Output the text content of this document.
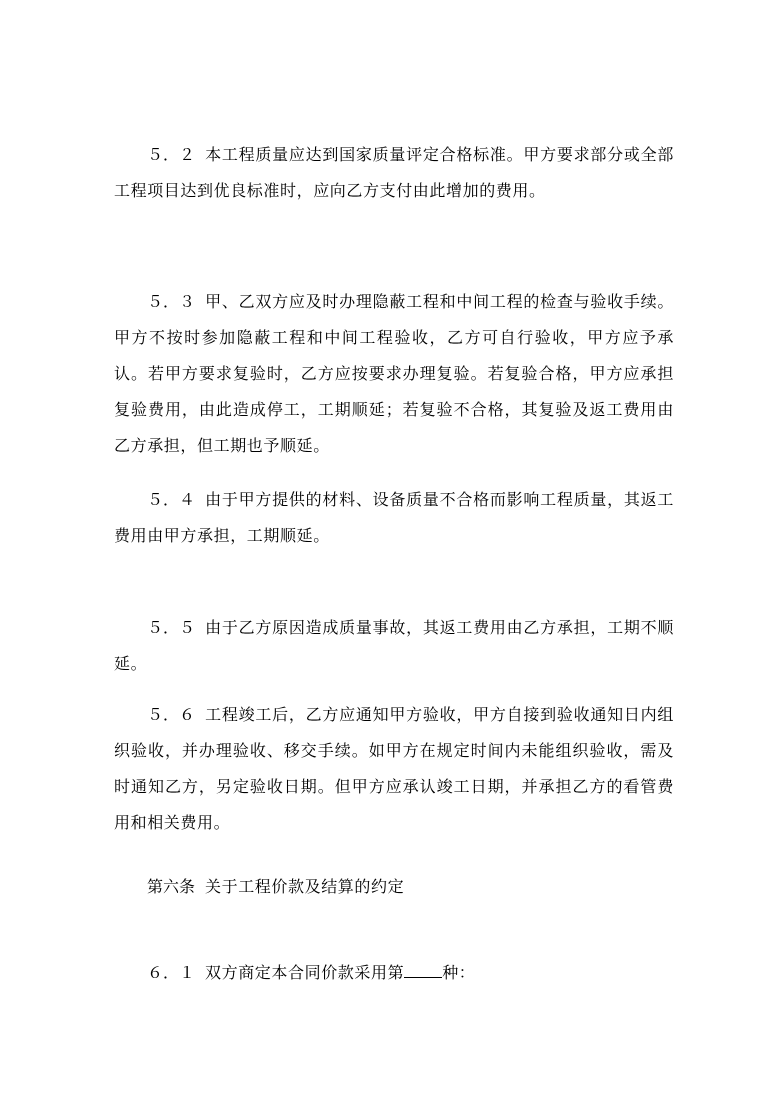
５．２ 本工程质量应达到国家质量评定合格标准。甲方要求部分或全部工程项目达到优良标准时，应向乙方支付由此增加的费用。

５．３ 甲、乙双方应及时办理隐蔽工程和中间工程的检查与验收手续。甲方不按时参加隐蔽工程和中间工程验收，乙方可自行验收，甲方应予承认。若甲方要求复验时，乙方应按要求办理复验。若复验合格，甲方应承担复验费用，由此造成停工，工期顺延；若复验不合格，其复验及返工费用由乙方承担，但工期也予顺延。

５．４ 由于甲方提供的材料、设备质量不合格而影响工程质量，其返工费用由甲方承担，工期顺延。

５．５ 由于乙方原因造成质量事故，其返工费用由乙方承担，工期不顺延。

５．６ 工程竣工后，乙方应通知甲方验收，甲方自接到验收通知日内组织验收，并办理验收、移交手续。如甲方在规定时间内未能组织验收，需及时通知乙方，另定验收日期。但甲方应承认竣工日期，并承担乙方的看管费用和相关费用。

第六条 关于工程价款及结算的约定

６．１ 双方商定本合同价款采用第 种：
